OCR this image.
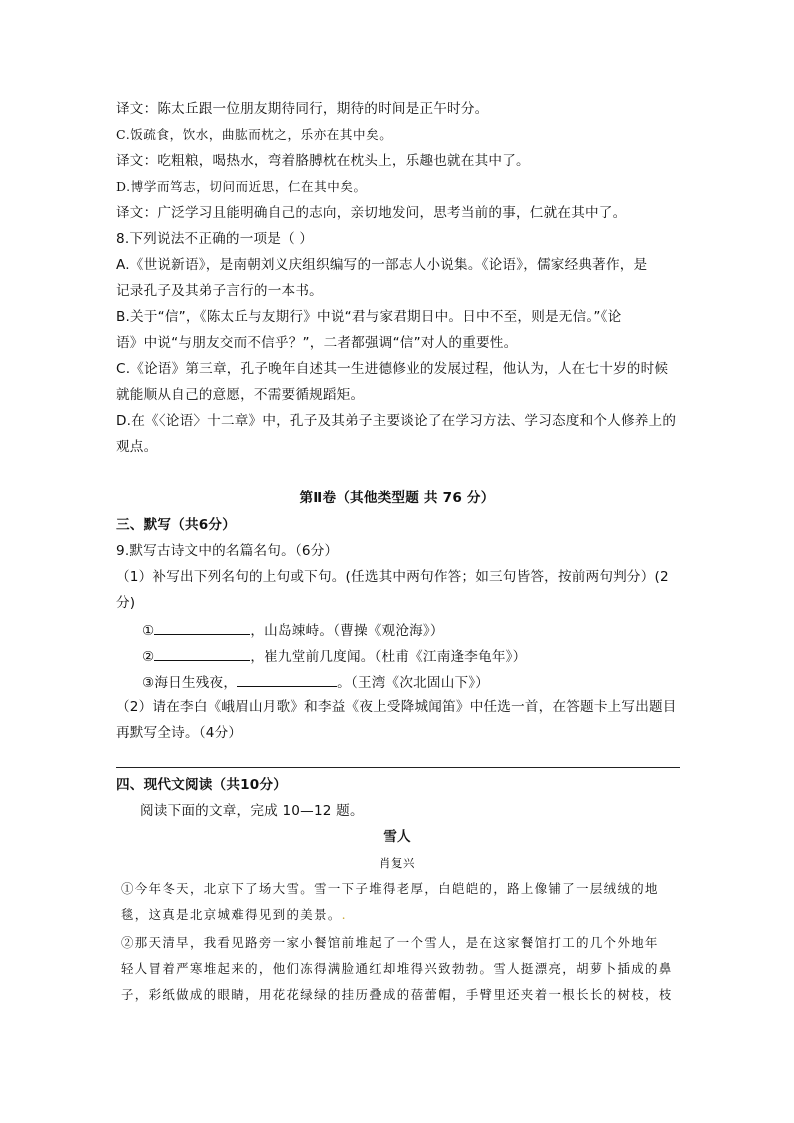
译文：陈太丘跟一位朋友期待同行，期待的时间是正午时分。
C.饭疏食，饮水，曲肱而枕之，乐亦在其中矣。
译文：吃粗粮，喝热水，弯着胳膊枕在枕头上，乐趣也就在其中了。
D.博学而笃志，切问而近思，仁在其中矣。
译文：广泛学习且能明确自己的志向，亲切地发问，思考当前的事，仁就在其中了。
8.下列说法不正确的一项是（ ）
A.《世说新语》，是南朝刘义庆组织编写的一部志人小说集。《论语》，儒家经典著作，是
记录孔子及其弟子言行的一本书。
B.关于“信”，《陈太丘与友期行》中说“君与家君期日中。日中不至，则是无信。”《论
语》中说“与朋友交而不信乎？”，二者都强调“信”对人的重要性。
C.《论语》第三章，孔子晚年自述其一生进德修业的发展过程，他认为，人在七十岁的时候
就能顺从自己的意愿，不需要循规蹈矩。
D.在《〈论语〉十二章》中，孔子及其弟子主要谈论了在学习方法、学习态度和个人修养上的
观点。
第Ⅱ卷（其他类型题 共 76 分）
三、默写（共6分）
9.默写古诗文中的名篇名句。（6分）
（1）补写出下列名句的上句或下句。(任选其中两句作答；如三句皆答，按前两句判分）(2
分)
①	，山岛竦峙。（曹操《观沧海》）
②	，崔九堂前几度闻。（杜甫《江南逢李龟年》）
③海日生残夜，	。（王湾《次北固山下》）
（2）请在李白《峨眉山月歌》和李益《夜上受降城闻笛》中任选一首，在答题卡上写出题目
再默写全诗。（4分）
四、现代文阅读（共10分）
阅读下面的文章，完成 10—12 题。
雪人
肖复兴
①今年冬天，北京下了场大雪。雪一下子堆得老厚，白皑皑的，路上像铺了一层绒绒的地
毯，这真是北京城难得见到的美景。.
②那天清早，我看见路旁一家小餐馆前堆起了一个雪人，是在这家餐馆打工的几个外地年
轻人冒着严寒堆起来的，他们冻得满脸通红却堆得兴致勃勃。雪人挺漂亮，胡萝卜插成的鼻
子，彩纸做成的眼睛，用花花绿绿的挂历叠成的蓓蕾帽，手臂里还夹着一根长长的树枝，枝
